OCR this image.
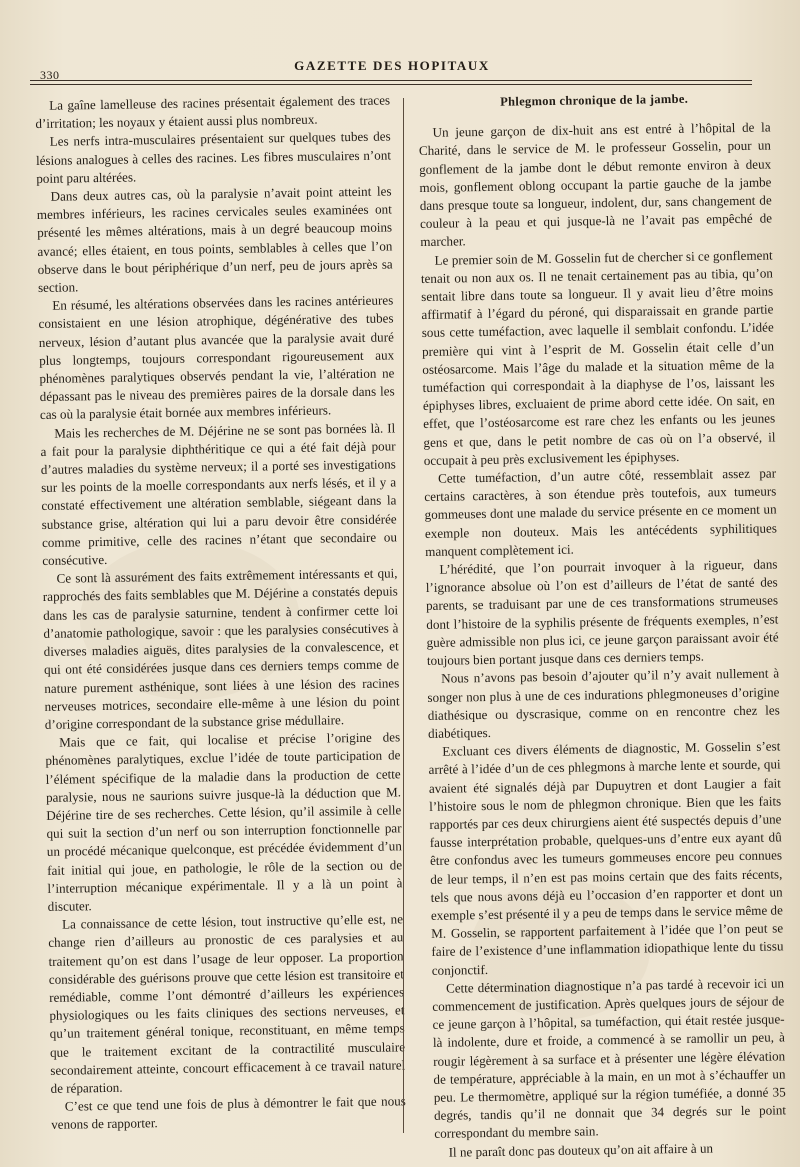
330
GAZETTE DES HOPITAUX

La gaîne lamelleuse des racines présentait également des traces d’irritation; les noyaux y étaient aussi plus nombreux.

Les nerfs intra-musculaires présentaient sur quelques tubes des lésions analogues à celles des racines. Les fibres musculaires n’ont point paru altérées.

Dans deux autres cas, où la paralysie n’avait point atteint les membres inférieurs, les racines cervicales seules examinées ont présenté les mêmes altérations, mais à un degré beaucoup moins avancé; elles étaient, en tous points, semblables à celles que l’on observe dans le bout périphérique d’un nerf, peu de jours après sa section.

En résumé, les altérations observées dans les racines antérieures consistaient en une lésion atrophique, dégénérative des tubes nerveux, lésion d’autant plus avancée que la paralysie avait duré plus longtemps, toujours correspondant rigoureusement aux phénomènes paralytiques observés pendant la vie, l’altération ne dépassant pas le niveau des premières paires de la dorsale dans les cas où la paralysie était bornée aux membres inférieurs.

Mais les recherches de M. Déjérine ne se sont pas bornées là. Il a fait pour la paralysie diphthéritique ce qui a été fait déjà pour d’autres maladies du système nerveux; il a porté ses investigations sur les points de la moelle correspondants aux nerfs lésés, et il y a constaté effectivement une altération semblable, siégeant dans la substance grise, altération qui lui a paru devoir être considérée comme primitive, celle des racines n’étant que secondaire ou consécutive.

Ce sont là assurément des faits extrêmement intéressants et qui, rapprochés des faits semblables que M. Déjérine a constatés depuis dans les cas de paralysie saturnine, tendent à confirmer cette loi d’anatomie pathologique, savoir : que les paralysies consécutives à diverses maladies aiguës, dites paralysies de la convalescence, et qui ont été considérées jusque dans ces derniers temps comme de nature purement asthénique, sont liées à une lésion des racines nerveuses motrices, secondaire elle-même à une lésion du point d’origine correspondant de la substance grise médullaire.

Mais que ce fait, qui localise et précise l’origine des phénomènes paralytiques, exclue l’idée de toute participation de l’élément spécifique de la maladie dans la production de cette paralysie, nous ne saurions suivre jusque-là la déduction que M. Déjérine tire de ses recherches. Cette lésion, qu’il assimile à celle qui suit la section d’un nerf ou son interruption fonctionnelle par un procédé mécanique quelconque, est précédée évidemment d’un fait initial qui joue, en pathologie, le rôle de la section ou de l’interruption mécanique expérimentale. Il y a là un point à discuter.

La connaissance de cette lésion, tout instructive qu’elle est, ne change rien d’ailleurs au pronostic de ces paralysies et au traitement qu’on est dans l’usage de leur opposer. La proportion considérable des guérisons prouve que cette lésion est transitoire et remédiable, comme l’ont démontré d’ailleurs les expériences physiologiques ou les faits cliniques des sections nerveuses, et qu’un traitement général tonique, reconstituant, en même temps que le traitement excitant de la contractilité musculaire secondairement atteinte, concourt efficacement à ce travail naturel de réparation.

C’est ce que tend une fois de plus à démontrer le fait que nous venons de rapporter.

Phlegmon chronique de la jambe.

Un jeune garçon de dix-huit ans est entré à l’hôpital de la Charité, dans le service de M. le professeur Gosselin, pour un gonflement de la jambe dont le début remonte environ à deux mois, gonflement oblong occupant la partie gauche de la jambe dans presque toute sa longueur, indolent, dur, sans changement de couleur à la peau et qui jusque-là ne l’avait pas empêché de marcher.

Le premier soin de M. Gosselin fut de chercher si ce gonflement tenait ou non aux os. Il ne tenait certainement pas au tibia, qu’on sentait libre dans toute sa longueur. Il y avait lieu d’être moins affirmatif à l’égard du péroné, qui disparaissait en grande partie sous cette tuméfaction, avec laquelle il semblait confondu. L’idée première qui vint à l’esprit de M. Gosselin était celle d’un ostéosarcome. Mais l’âge du malade et la situation même de la tuméfaction qui correspondait à la diaphyse de l’os, laissant les épiphyses libres, excluaient de prime abord cette idée. On sait, en effet, que l’ostéosarcome est rare chez les enfants ou les jeunes gens et que, dans le petit nombre de cas où on l’a observé, il occupait à peu près exclusivement les épiphyses.

Cette tuméfaction, d’un autre côté, ressemblait assez par certains caractères, à son étendue près toutefois, aux tumeurs gommeuses dont une malade du service présente en ce moment un exemple non douteux. Mais les antécédents syphilitiques manquent complètement ici.

L’hérédité, que l’on pourrait invoquer à la rigueur, dans l’ignorance absolue où l’on est d’ailleurs de l’état de santé des parents, se traduisant par une de ces transformations strumeuses dont l’histoire de la syphilis présente de fréquents exemples, n’est guère admissible non plus ici, ce jeune garçon paraissant avoir été toujours bien portant jusque dans ces derniers temps.

Nous n’avons pas besoin d’ajouter qu’il n’y avait nullement à songer non plus à une de ces indurations phlegmoneuses d’origine diathésique ou dyscrasique, comme on en rencontre chez les diabétiques.

Excluant ces divers éléments de diagnostic, M. Gosselin s’est arrêté à l’idée d’un de ces phlegmons à marche lente et sourde, qui avaient été signalés déjà par Dupuytren et dont Laugier a fait l’histoire sous le nom de phlegmon chronique. Bien que les faits rapportés par ces deux chirurgiens aient été suspectés depuis d’une fausse interprétation probable, quelques-uns d’entre eux ayant dû être confondus avec les tumeurs gommeuses encore peu connues de leur temps, il n’en est pas moins certain que des faits récents, tels que nous avons déjà eu l’occasion d’en rapporter et dont un exemple s’est présenté il y a peu de temps dans le service même de M. Gosselin, se rapportent parfaitement à l’idée que l’on peut se faire de l’existence d’une inflammation idiopathique lente du tissu conjonctif.

Cette détermination diagnostique n’a pas tardé à recevoir ici un commencement de justification. Après quelques jours de séjour de ce jeune garçon à l’hôpital, sa tuméfaction, qui était restée jusque-là indolente, dure et froide, a commencé à se ramollir un peu, à rougir légèrement à sa surface et à présenter une légère élévation de température, appréciable à la main, en un mot à s’échauffer un peu. Le thermomètre, appliqué sur la région tuméfiée, a donné 35 degrés, tandis qu’il ne donnait que 34 degrés sur le point correspondant du membre sain.

Il ne paraît donc pas douteux qu’on ait affaire à un
